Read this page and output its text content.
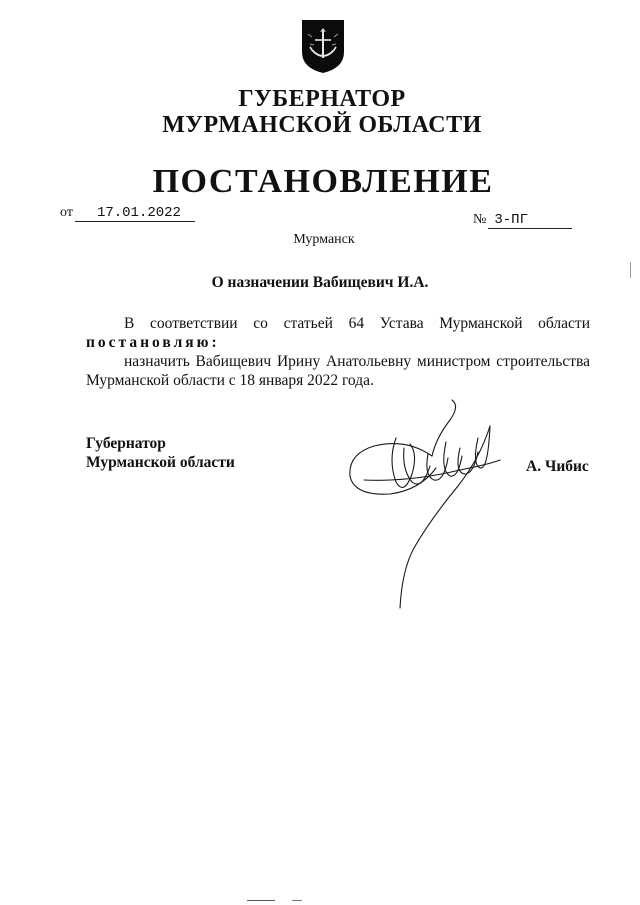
ГУБЕРНАТОР
МУРМАНСКОЙ ОБЛАСТИ
ПОСТАНОВЛЕНИЕ
от 17.01.2022	№ 3-ПГ
Мурманск
О назначении Вабищевич И.А.
В соответствии со статьей 64 Устава Мурманской области
постановляю:
назначить Вабищевич Ирину Анатольевну министром строительства
Мурманской области с 18 января 2022 года.
Губернатор
Мурманской области	А. Чибис
